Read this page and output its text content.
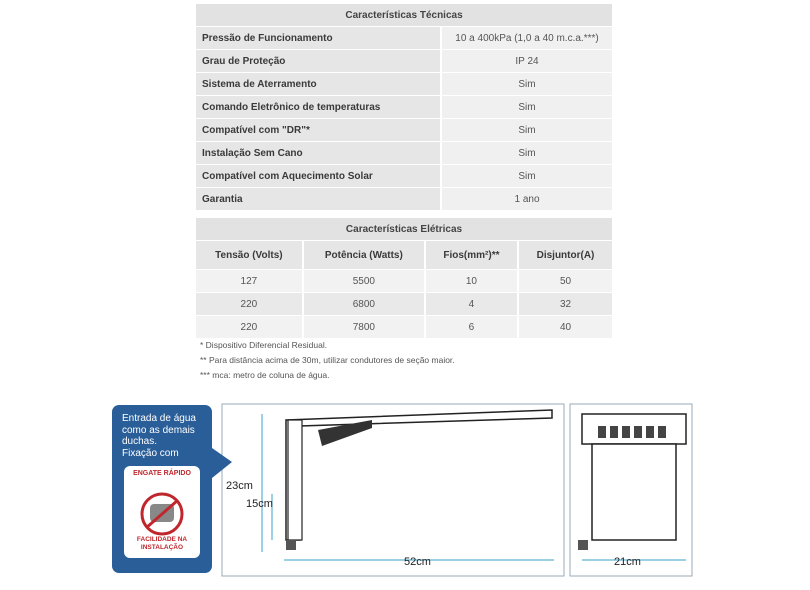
Características Técnicas	
Pressão de Funcionamento	10 a 400kPa (1,0 a 40 m.c.a.***)
Grau de Proteção	IP 24
Sistema de Aterramento	Sim
Comando Eletrônico de temperaturas	Sim
Compatível com "DR"*	Sim
Instalação Sem Cano	Sim
Compatível com Aquecimento Solar	Sim
Garantia	1 ano
Características Elétricas			
Tensão (Volts)	Potência (Watts)	Fios(mm²)**	Disjuntor(A)
127	5500	10	50
220	6800	4	32
220	7800	6	40
* Dispositivo Diferencial Residual.
** Para distância acima de 30m, utilizar condutores de seção maior.
*** mca: metro de coluna de água.
Entrada de água
como as demais
duchas.
Fixação com
ENGATE RÁPIDO
FACILIDADE NA
INSTALAÇÃO
23cm
15cm
52cm	21cm
